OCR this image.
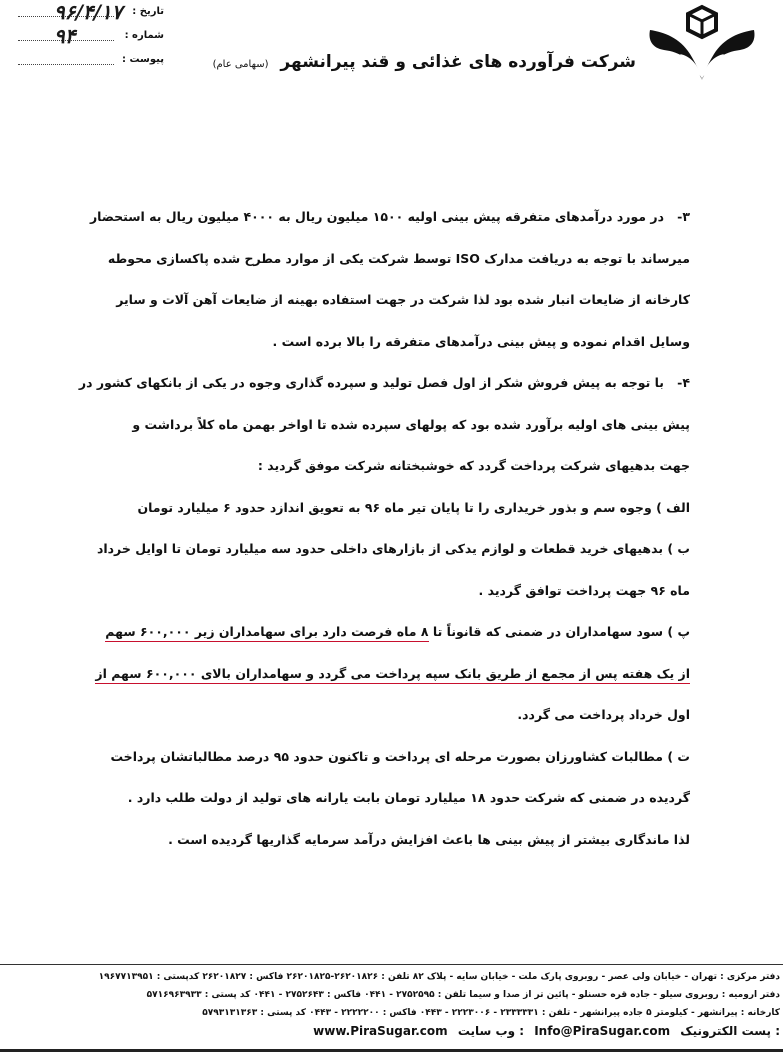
شرکت فرآورده های غذائی و قند پیرانشهر (سهامی عام)
تاریخ :
۹۶/۴/۱۷
شماره :
۹۴
پیوست :
۳-در مورد درآمدهای متفرقه پیش بینی اولیه ۱۵۰۰ میلیون ریال به ۴۰۰۰ میلیون ریال به استحضار
میرساند با توجه به دریافت مدارک ISO توسط شرکت یکی از موارد مطرح شده پاکسازی محوطه
کارخانه از ضایعات انبار شده بود لذا شرکت در جهت استفاده بهینه از ضایعات آهن آلات و سایر
وسایل اقدام نموده و پیش بینی درآمدهای متفرقه را بالا برده است .
۴-با توجه به پیش فروش شکر از اول فصل تولید و سپرده گذاری وجوه در یکی از بانکهای کشور در
پیش بینی های اولیه برآورد شده بود که پولهای سپرده شده تا اواخر بهمن ماه کلاً برداشت و
جهت بدهیهای شرکت پرداخت گردد که خوشبختانه شرکت موفق گردید :
الف ) وجوه سم و بذور خریداری را تا پایان تیر ماه ۹۶ به تعویق اندازد حدود ۶ میلیارد تومان
ب ) بدهیهای خرید قطعات و لوازم یدکی از بازارهای داخلی حدود سه میلیارد تومان تا اوایل خرداد
ماه ۹۶ جهت پرداخت توافق گردید .
پ ) سود سهامداران در ضمنی که قانوناً تا ۸ ماه فرصت دارد برای سهامداران زیر ۶۰۰,۰۰۰ سهم
از یک هفته پس از مجمع از طریق بانک سپه پرداخت می گردد و سهامداران بالای ۶۰۰,۰۰۰ سهم از
اول خرداد پرداخت می گردد.
ت ) مطالبات کشاورزان بصورت مرحله ای پرداخت و تاکنون حدود ۹۵ درصد مطالباتشان پرداخت
گردیده در ضمنی که شرکت حدود ۱۸ میلیارد تومان بابت یارانه های تولید از دولت طلب دارد .
لذا ماندگاری بیشتر از پیش بینی ها باعث افزایش درآمد سرمایه گذاریها گردیده است .
دفتر مرکزی : تهران - خیابان ولی عصر - روبروی پارک ملت - خیابان سایه - پلاک ۸۲ تلفن : ۲۶۲۰۱۸۲۶-۲۶۲۰۱۸۲۵ فاکس : ۲۶۲۰۱۸۲۷ کدپستی : ۱۹۶۷۷۱۳۹۵۱
دفتر ارومیه : روبروی سیلو - جاده قره حسنلو - پائین تر از صدا و سیما تلفن : ۲۷۵۲۵۹۵ - ۰۴۴۱ فاکس : ۲۷۵۲۶۴۳ - ۰۴۴۱ کد پستی : ۵۷۱۶۹۶۳۹۳۳
کارخانه : پیرانشهر - کیلومتر ۵ جاده پیرانشهر - تلفن : ۲۳۳۳۳۳۱ - ۲۲۲۳۰۰۶ - ۰۴۴۳ فاکس : ۲۲۲۲۲۰۰ - ۰۴۴۳ کد پستی : ۵۷۹۳۱۳۱۳۶۳
www.PiraSugar.com وب سایت : Info@PiraSugar.com پست الکترونیک :
